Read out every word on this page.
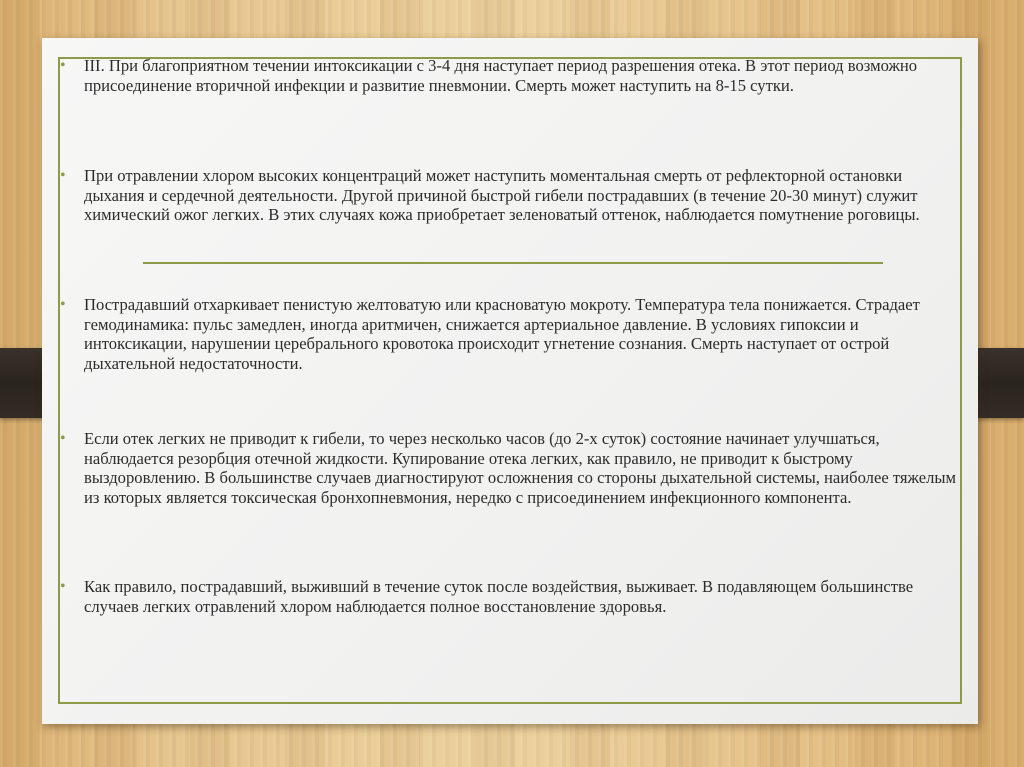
• III. При благоприятном течении интоксикации с 3-4 дня наступает период разрешения отека. В этот период возможно присоединение вторичной инфекции и развитие пневмонии. Смерть может наступить на 8-15 сутки.
• При отравлении хлором высоких концентраций может наступить моментальная смерть от рефлекторной остановки дыхания и сердечной деятельности. Другой причиной быстрой гибели пострадавших (в течение 20-30 минут) служит химический ожог легких. В этих случаях кожа приобретает зеленоватый оттенок, наблюдается помутнение роговицы.
• Пострадавший отхаркивает пенистую желтоватую или красноватую мокроту. Температура тела понижается. Страдает гемодинамика: пульс замедлен, иногда аритмичен, снижается артериальное давление. В условиях гипоксии и интоксикации, нарушении церебрального кровотока происходит угнетение сознания. Смерть наступает от острой дыхательной недостаточности.
• Если отек легких не приводит к гибели, то через несколько часов (до 2-х суток) состояние начинает улучшаться, наблюдается резорбция отечной жидкости. Купирование отека легких, как правило, не приводит к быстрому выздоровлению. В большинстве случаев диагностируют осложнения со стороны дыхательной системы, наиболее тяжелым из которых является токсическая бронхопневмония, нередко с присоединением инфекционного компонента.
• Как правило, пострадавший, выживший в течение суток после воздействия, выживает. В подавляющем большинстве случаев легких отравлений хлором наблюдается полное восстановление здоровья.
